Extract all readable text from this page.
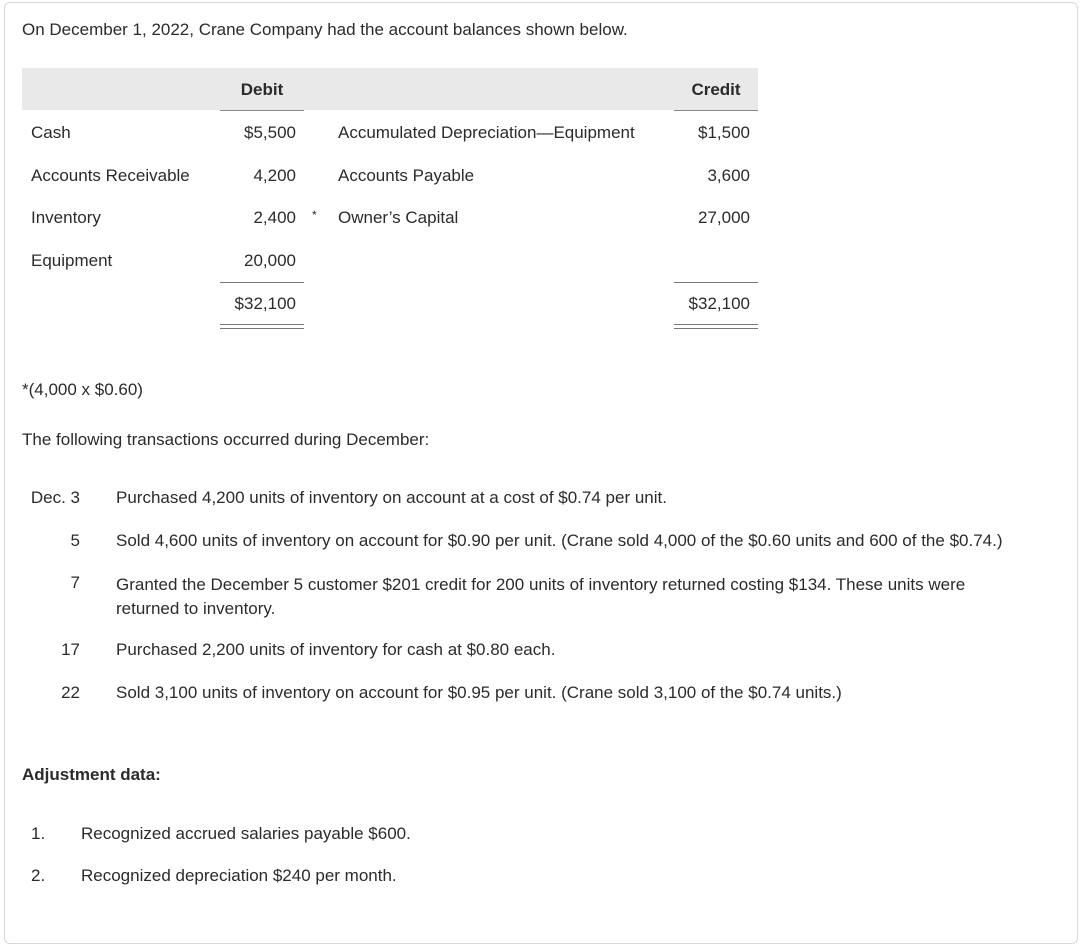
On December 1, 2022, Crane Company had the account balances shown below.
Debit	Credit
Cash	$5,500 Accumulated Depreciation—Equipment	$1,500
Accounts Receivable	4,200 Accounts Payable	3,600
Inventory	2,400 * Owner’s Capital	27,000
Equipment	20,000
$32,100	$32,100
*(4,000 x $0.60)
The following transactions occurred during December:
Dec. 3 Purchased 4,200 units of inventory on account at a cost of $0.74 per unit.
5 Sold 4,600 units of inventory on account for $0.90 per unit. (Crane sold 4,000 of the $0.60 units and 600 of the $0.74.)
7 Granted the December 5 customer $201 credit for 200 units of inventory returned costing $134. These units were returned to inventory.
17 Purchased 2,200 units of inventory for cash at $0.80 each.
22 Sold 3,100 units of inventory on account for $0.95 per unit. (Crane sold 3,100 of the $0.74 units.)
Adjustment data:
1. Recognized accrued salaries payable $600.
2. Recognized depreciation $240 per month.
